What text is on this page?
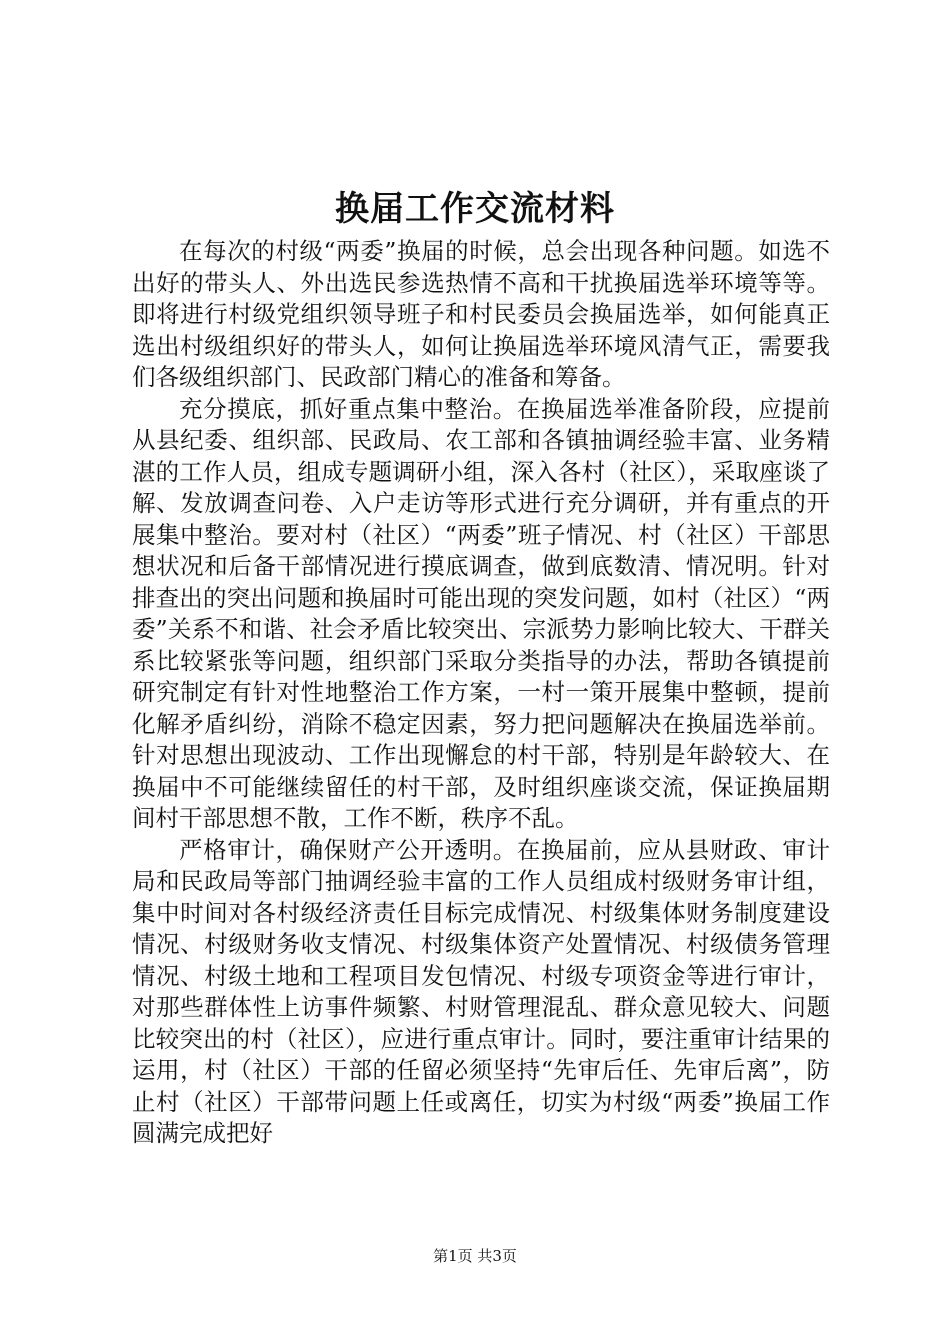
换届工作交流材料

在每次的村级“两委”换届的时候，总会出现各种问题。如选不出好的带头人、外出选民参选热情不高和干扰换届选举环境等等。即将进行村级党组织领导班子和村民委员会换届选举，如何能真正选出村级组织好的带头人，如何让换届选举环境风清气正，需要我们各级组织部门、民政部门精心的准备和筹备。

充分摸底，抓好重点集中整治。在换届选举准备阶段，应提前从县纪委、组织部、民政局、农工部和各镇抽调经验丰富、业务精湛的工作人员，组成专题调研小组，深入各村（社区），采取座谈了解、发放调查问卷、入户走访等形式进行充分调研，并有重点的开展集中整治。要对村（社区）“两委”班子情况、村（社区）干部思想状况和后备干部情况进行摸底调查，做到底数清、情况明。针对排查出的突出问题和换届时可能出现的突发问题，如村（社区）“两委”关系不和谐、社会矛盾比较突出、宗派势力影响比较大、干群关系比较紧张等问题，组织部门采取分类指导的办法，帮助各镇提前研究制定有针对性地整治工作方案，一村一策开展集中整顿，提前化解矛盾纠纷，消除不稳定因素，努力把问题解决在换届选举前。针对思想出现波动、工作出现懈怠的村干部，特别是年龄较大、在换届中不可能继续留任的村干部，及时组织座谈交流，保证换届期间村干部思想不散，工作不断，秩序不乱。

严格审计，确保财产公开透明。在换届前，应从县财政、审计局和民政局等部门抽调经验丰富的工作人员组成村级财务审计组，集中时间对各村级经济责任目标完成情况、村级集体财务制度建设情况、村级财务收支情况、村级集体资产处置情况、村级债务管理情况、村级土地和工程项目发包情况、村级专项资金等进行审计，对那些群体性上访事件频繁、村财管理混乱、群众意见较大、问题比较突出的村（社区），应进行重点审计。同时，要注重审计结果的运用，村（社区）干部的任留必须坚持“先审后任、先审后离”，防止村（社区）干部带问题上任或离任，切实为村级“两委”换届工作圆满完成把好

第1页 共3页
